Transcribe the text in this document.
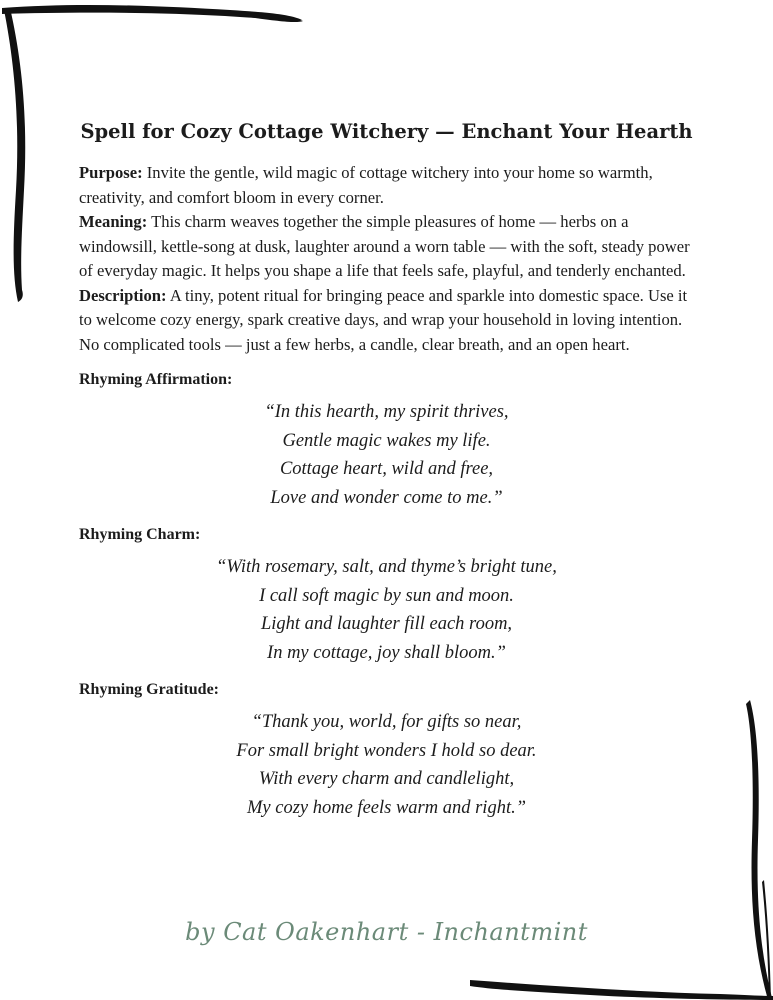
Spell for Cozy Cottage Witchery — Enchant Your Hearth

Purpose: Invite the gentle, wild magic of cottage witchery into your home so warmth, creativity, and comfort bloom in every corner.

Meaning: This charm weaves together the simple pleasures of home — herbs on a windowsill, kettle-song at dusk, laughter around a worn table — with the soft, steady power of everyday magic. It helps you shape a life that feels safe, playful, and tenderly enchanted.

Description: A tiny, potent ritual for bringing peace and sparkle into domestic space. Use it to welcome cozy energy, spark creative days, and wrap your household in loving intention. No complicated tools — just a few herbs, a candle, clear breath, and an open heart.

Rhyming Affirmation:
“In this hearth, my spirit thrives,
Gentle magic wakes my life.
Cottage heart, wild and free,
Love and wonder come to me.”
Rhyming Charm:
“With rosemary, salt, and thyme’s bright tune,
I call soft magic by sun and moon.
Light and laughter fill each room,
In my cottage, joy shall bloom.”
Rhyming Gratitude:
“Thank you, world, for gifts so near,
For small bright wonders I hold so dear.
With every charm and candlelight,
My cozy home feels warm and right.”
by Cat Oakenhart - Inchantmint
